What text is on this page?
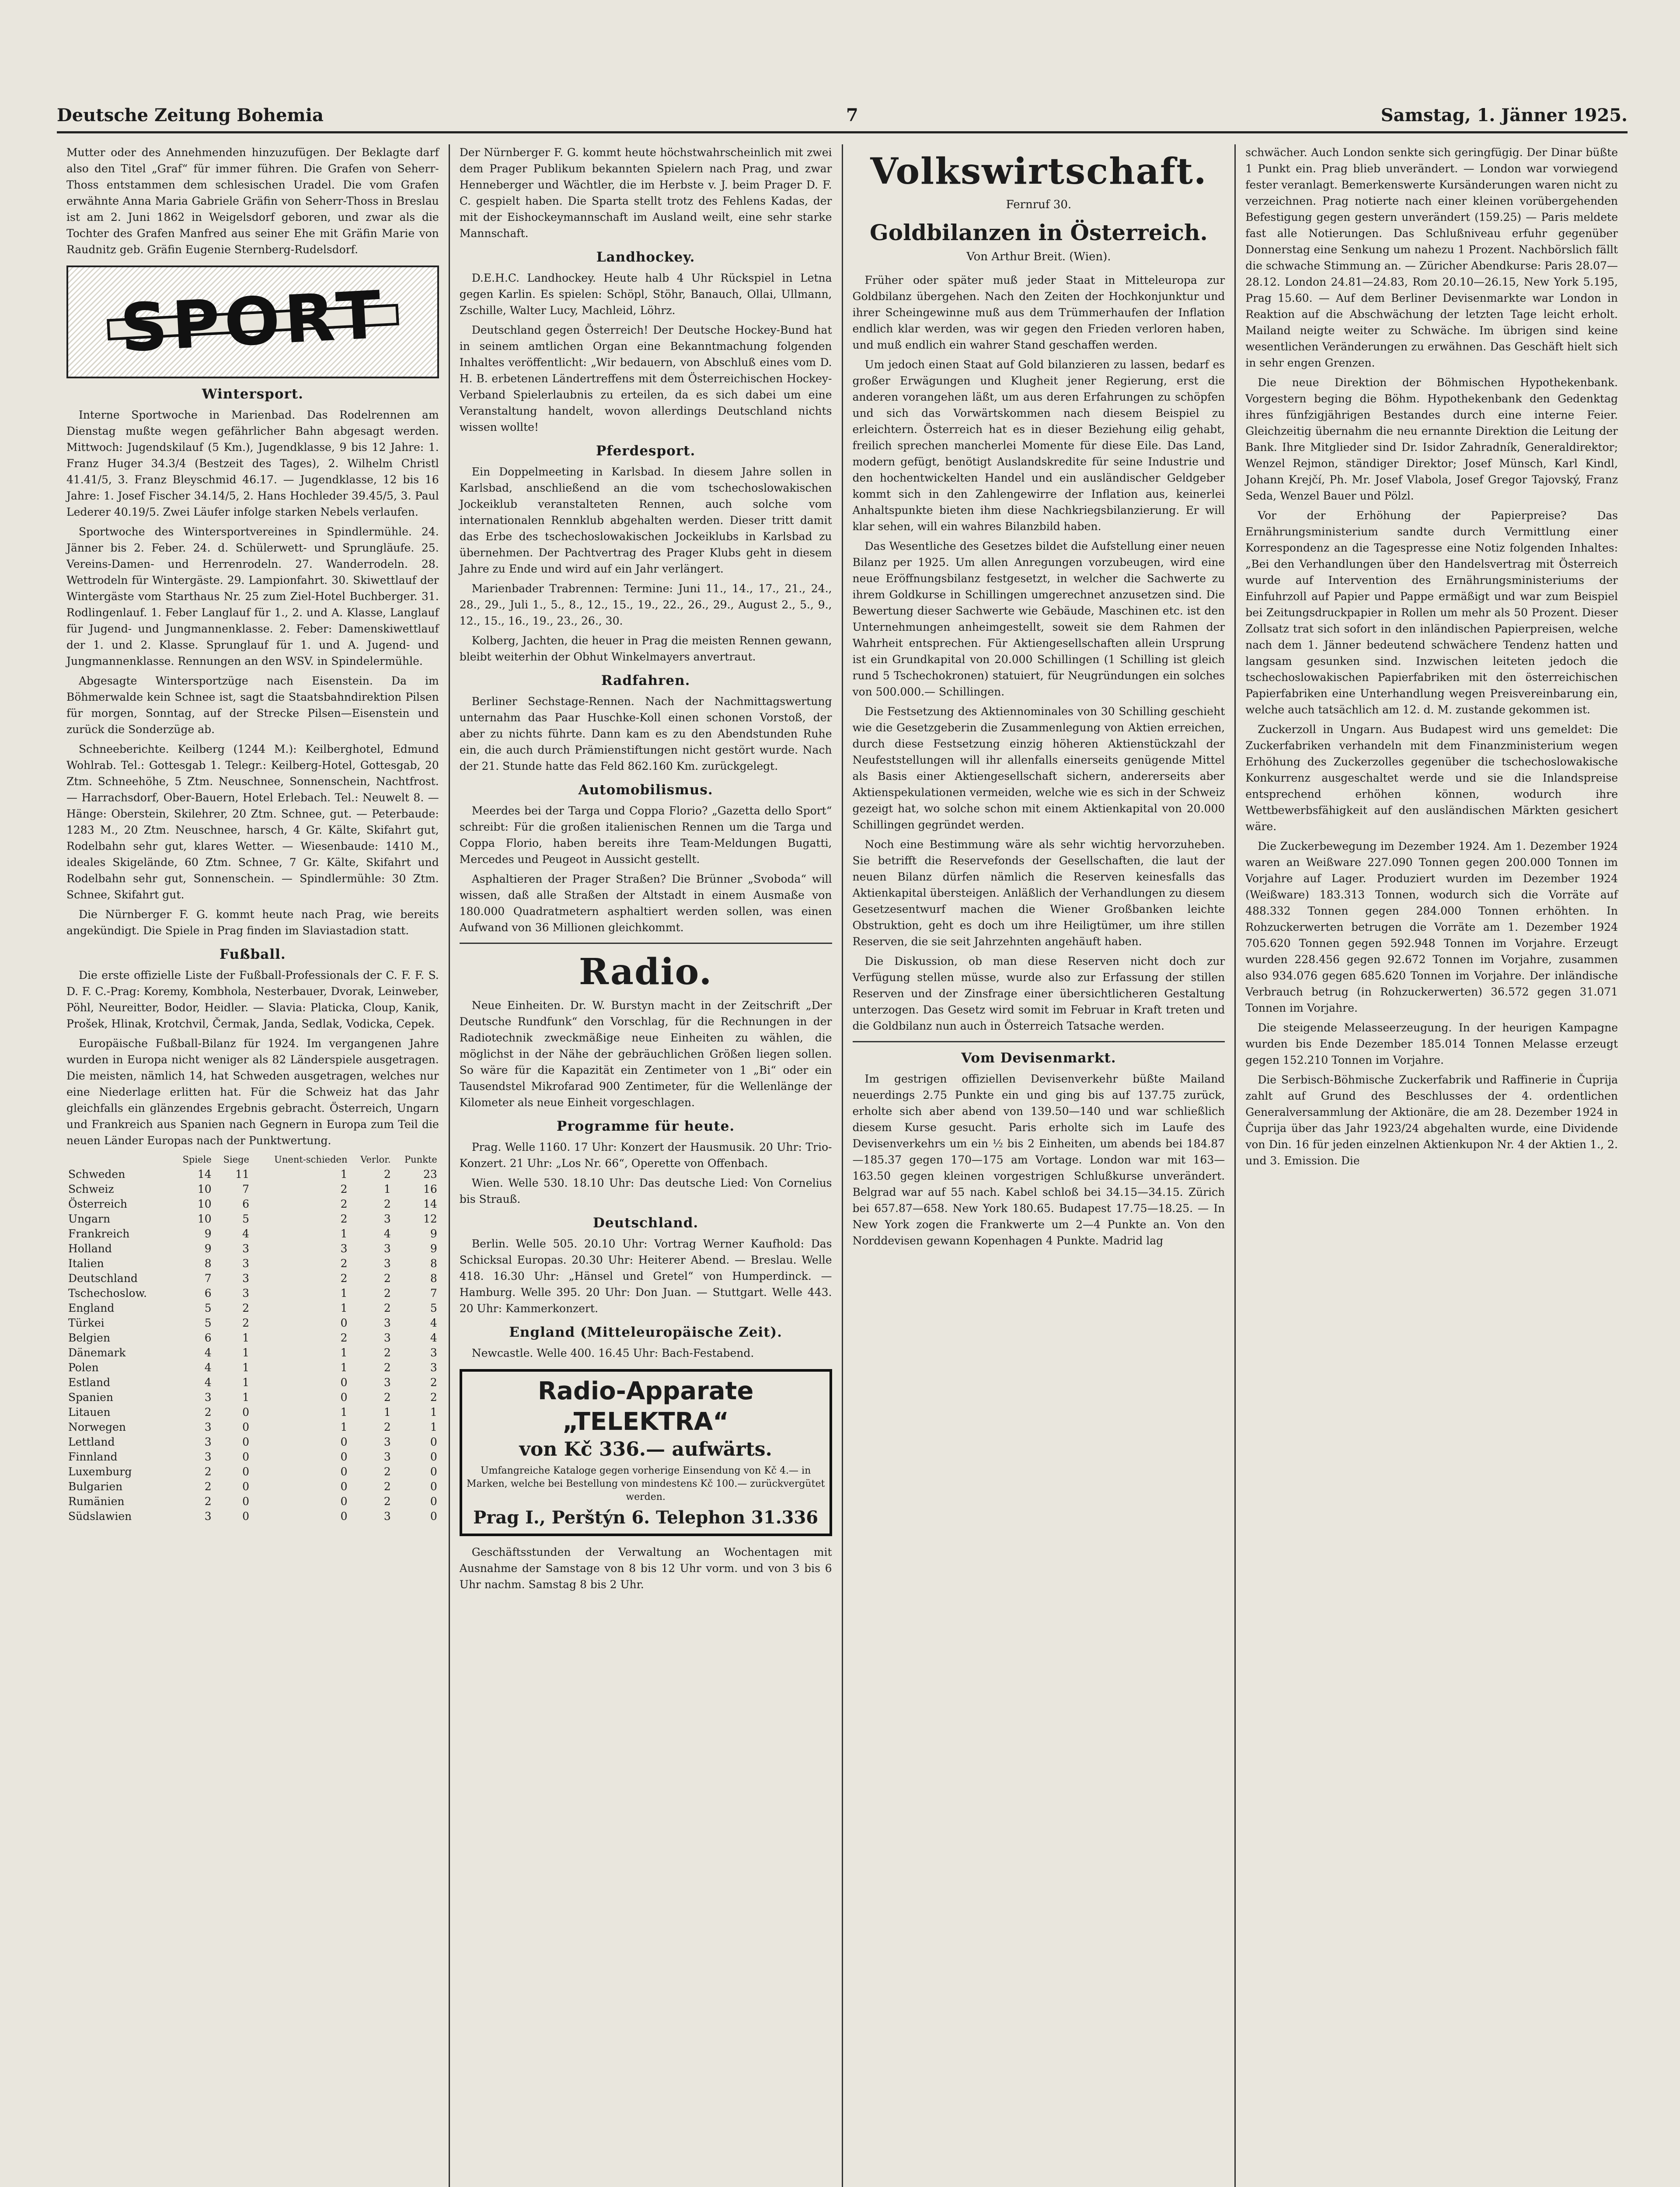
Deutsche Zeitung Bohemia	7	Samstag, 1. Jänner 1925.

Mutter oder des Annehmenden hinzuzufügen. Der Beklagte darf also den Titel „Graf“ für immer führen. Die Grafen von Seherr-Thoss entstammen dem schlesischen Uradel. Die vom Grafen erwähnte Anna Maria Gabriele Gräfin von Seherr-Thoss in Breslau ist am 2. Juni 1862 in Weigelsdorf geboren, und zwar als die Tochter des Grafen Manfred aus seiner Ehe mit Gräfin Marie von Raudnitz geb. Gräfin Eugenie Sternberg-Rudelsdorf.

SPORT
Wintersport.

Interne Sportwoche in Marienbad. Das Rodelrennen am Dienstag mußte wegen gefährlicher Bahn abgesagt werden. Mittwoch: Jugendskilauf (5 Km.), Jugendklasse, 9 bis 12 Jahre: 1. Franz Huger 34.3/4 (Bestzeit des Tages), 2. Wilhelm Christl 41.41/5, 3. Franz Bleyschmid 46.17. — Jugendklasse, 12 bis 16 Jahre: 1. Josef Fischer 34.14/5, 2. Hans Hochleder 39.45/5, 3. Paul Lederer 40.19/5. Zwei Läufer infolge starken Nebels verlaufen.

Sportwoche des Wintersportvereines in Spindlermühle. 24. Jänner bis 2. Feber. 24. d. Schülerwett- und Sprungläufe. 25. Vereins-Damen- und Herrenrodeln. 27. Wanderrodeln. 28. Wettrodeln für Wintergäste. 29. Lampionfahrt. 30. Skiwettlauf der Wintergäste vom Starthaus Nr. 25 zum Ziel-Hotel Buchberger. 31. Rodlingenlauf. 1. Feber Langlauf für 1., 2. und A. Klasse, Langlauf für Jugend- und Jungmannenklasse. 2. Feber: Damenskiwettlauf der 1. und 2. Klasse. Sprunglauf für 1. und A. Jugend- und Jungmannenklasse. Rennungen an den WSV. in Spindelermühle.

Abgesagte Wintersportzüge nach Eisenstein. Da im Böhmerwalde kein Schnee ist, sagt die Staatsbahndirektion Pilsen für morgen, Sonntag, auf der Strecke Pilsen—Eisenstein und zurück die Sonderzüge ab.

Schneeberichte. Keilberg (1244 M.): Keilberghotel, Edmund Wohlrab. Tel.: Gottesgab 1. Telegr.: Keilberg-Hotel, Gottesgab, 20 Ztm. Schneehöhe, 5 Ztm. Neuschnee, Sonnenschein, Nachtfrost. — Harrachsdorf, Ober-Bauern, Hotel Erlebach. Tel.: Neuwelt 8. — Hänge: Oberstein, Skilehrer, 20 Ztm. Schnee, gut. — Peterbaude: 1283 M., 20 Ztm. Neuschnee, harsch, 4 Gr. Kälte, Skifahrt gut, Rodelbahn sehr gut, klares Wetter. — Wiesenbaude: 1410 M., ideales Skigelände, 60 Ztm. Schnee, 7 Gr. Kälte, Skifahrt und Rodelbahn sehr gut, Sonnenschein. — Spindlermühle: 30 Ztm. Schnee, Skifahrt gut.

Die Nürnberger F. G. kommt heute nach Prag, wie bereits angekündigt. Die Spiele in Prag finden im Slaviastadion statt.

Fußball.

Die erste offizielle Liste der Fußball-Professionals der C. F. F. S. D. F. C.-Prag: Koremy, Kombhola, Nesterbauer, Dvorak, Leinweber, Pöhl, Neureitter, Bodor, Heidler. — Slavia: Platicka, Cloup, Kanik, Prošek, Hlinak, Krotchvil, Čermak, Janda, Sedlak, Vodicka, Cepek.

Europäische Fußball-Bilanz für 1924. Im vergangenen Jahre wurden in Europa nicht weniger als 82 Länderspiele ausgetragen. Die meisten, nämlich 14, hat Schweden ausgetragen, welches nur eine Niederlage erlitten hat. Für die Schweiz hat das Jahr gleichfalls ein glänzendes Ergebnis gebracht. Österreich, Ungarn und Frankreich aus Spanien nach Gegnern in Europa zum Teil die neuen Länder Europas nach der Punktwertung.

	Spiele	Siege	Unent-schieden	Verlor.	Punkte
Schweden	14	11	1	2	23
Schweiz	10	7	2	1	16
Österreich	10	6	2	2	14
Ungarn	10	5	2	3	12
Frankreich	9	4	1	4	9
Holland	9	3	3	3	9
Italien	8	3	2	3	8
Deutschland	7	3	2	2	8
Tschechoslow.	6	3	1	2	7
England	5	2	1	2	5
Türkei	5	2	0	3	4
Belgien	6	1	2	3	4
Dänemark	4	1	1	2	3
Polen	4	1	1	2	3
Estland	4	1	0	3	2
Spanien	3	1	0	2	2
Litauen	2	0	1	1	1
Norwegen	3	0	1	2	1
Lettland	3	0	0	3	0
Finnland	3	0	0	3	0
Luxemburg	2	0	0	2	0
Bulgarien	2	0	0	2	0
Rumänien	2	0	0	2	0
Südslawien	3	0	0	3	0

Der Nürnberger F. G. kommt heute höchstwahrscheinlich mit zwei dem Prager Publikum bekannten Spielern nach Prag, und zwar Henneberger und Wächtler, die im Herbste v. J. beim Prager D. F. C. gespielt haben. Die Sparta stellt trotz des Fehlens Kadas, der mit der Eishockeymannschaft im Ausland weilt, eine sehr starke Mannschaft.

Landhockey.

D.E.H.C. Landhockey. Heute halb 4 Uhr Rückspiel in Letna gegen Karlin. Es spielen: Schöpl, Stöhr, Banauch, Ollai, Ullmann, Zschille, Walter Lucy, Machleid, Löhrz.

Deutschland gegen Österreich! Der Deutsche Hockey-Bund hat in seinem amtlichen Organ eine Bekanntmachung folgenden Inhaltes veröffentlicht: „Wir bedauern, von Abschluß eines vom D. H. B. erbetenen Ländertreffens mit dem Österreichischen Hockey-Verband Spielerlaubnis zu erteilen, da es sich dabei um eine Veranstaltung handelt, wovon allerdings Deutschland nichts wissen wollte!

Pferdesport.

Ein Doppelmeeting in Karlsbad. In diesem Jahre sollen in Karlsbad, anschließend an die vom tschechoslowakischen Jockeiklub veranstalteten Rennen, auch solche vom internationalen Rennklub abgehalten werden. Dieser tritt damit das Erbe des tschechoslowakischen Jockeiklubs in Karlsbad zu übernehmen. Der Pachtvertrag des Prager Klubs geht in diesem Jahre zu Ende und wird auf ein Jahr verlängert.

Marienbader Trabrennen: Termine: Juni 11., 14., 17., 21., 24., 28., 29., Juli 1., 5., 8., 12., 15., 19., 22., 26., 29., August 2., 5., 9., 12., 15., 16., 19., 23., 26., 30.

Kolberg, Jachten, die heuer in Prag die meisten Rennen gewann, bleibt weiterhin der Obhut Winkelmayers anvertraut.

Radfahren.

Berliner Sechstage-Rennen. Nach der Nachmittagswertung unternahm das Paar Huschke-Koll einen schonen Vorstoß, der aber zu nichts führte. Dann kam es zu den Abendstunden Ruhe ein, die auch durch Prämienstiftungen nicht gestört wurde. Nach der 21. Stunde hatte das Feld 862.160 Km. zurückgelegt.

Automobilismus.

Meerdes bei der Targa und Coppa Florio? „Gazetta dello Sport“ schreibt: Für die großen italienischen Rennen um die Targa und Coppa Florio, haben bereits ihre Team-Meldungen Bugatti, Mercedes und Peugeot in Aussicht gestellt.

Asphaltieren der Prager Straßen? Die Brünner „Svoboda“ will wissen, daß alle Straßen der Altstadt in einem Ausmaße von 180.000 Quadratmetern asphaltiert werden sollen, was einen Aufwand von 36 Millionen gleichkommt.

Radio.

Neue Einheiten. Dr. W. Burstyn macht in der Zeitschrift „Der Deutsche Rundfunk“ den Vorschlag, für die Rechnungen in der Radiotechnik zweckmäßige neue Einheiten zu wählen, die möglichst in der Nähe der gebräuchlichen Größen liegen sollen. So wäre für die Kapazität ein Zentimeter von 1 „Bi“ oder ein Tausendstel Mikrofarad 900 Zentimeter, für die Wellenlänge der Kilometer als neue Einheit vorgeschlagen.

Programme für heute.

Prag. Welle 1160. 17 Uhr: Konzert der Hausmusik. 20 Uhr: Trio-Konzert. 21 Uhr: „Los Nr. 66“, Operette von Offenbach.

Wien. Welle 530. 18.10 Uhr: Das deutsche Lied: Von Cornelius bis Strauß.

Deutschland.

Berlin. Welle 505. 20.10 Uhr: Vortrag Werner Kaufhold: Das Schicksal Europas. 20.30 Uhr: Heiterer Abend. — Breslau. Welle 418. 16.30 Uhr: „Hänsel und Gretel“ von Humperdinck. — Hamburg. Welle 395. 20 Uhr: Don Juan. — Stuttgart. Welle 443. 20 Uhr: Kammerkonzert.

England (Mitteleuropäische Zeit).

Newcastle. Welle 400. 16.45 Uhr: Bach-Festabend.

Radio-Apparate „TELEKTRA“
von Kč 336.— aufwärts.
Umfangreiche Kataloge gegen vorherige Einsendung von Kč 4.— in Marken, welche bei Bestellung von mindestens Kč 100.— zurückvergütet werden.
Prag I., Perštýn 6. Telephon 31.336

Geschäftsstunden der Verwaltung an Wochentagen mit Ausnahme der Samstage von 8 bis 12 Uhr vorm. und von 3 bis 6 Uhr nachm. Samstag 8 bis 2 Uhr.

Volkswirtschaft.
Fernruf 30.
Goldbilanzen in Österreich.
Von Arthur Breit. (Wien).

Früher oder später muß jeder Staat in Mitteleuropa zur Goldbilanz übergehen. Nach den Zeiten der Hochkonjunktur und ihrer Scheingewinne muß aus dem Trümmerhaufen der Inflation endlich klar werden, was wir gegen den Frieden verloren haben, und muß endlich ein wahrer Stand geschaffen werden.

Um jedoch einen Staat auf Gold bilanzieren zu lassen, bedarf es großer Erwägungen und Klugheit jener Regierung, erst die anderen vorangehen läßt, um aus deren Erfahrungen zu schöpfen und sich das Vorwärtskommen nach diesem Beispiel zu erleichtern. Österreich hat es in dieser Beziehung eilig gehabt, freilich sprechen mancherlei Momente für diese Eile. Das Land, modern gefügt, benötigt Auslandskredite für seine Industrie und den hochentwickelten Handel und ein ausländischer Geldgeber kommt sich in den Zahlengewirre der Inflation aus, keinerlei Anhaltspunkte bieten ihm diese Nachkriegsbilanzierung. Er will klar sehen, will ein wahres Bilanzbild haben.

Das Wesentliche des Gesetzes bildet die Aufstellung einer neuen Bilanz per 1925. Um allen Anregungen vorzubeugen, wird eine neue Eröffnungsbilanz festgesetzt, in welcher die Sachwerte zu ihrem Goldkurse in Schillingen umgerechnet anzusetzen sind. Die Bewertung dieser Sachwerte wie Gebäude, Maschinen etc. ist den Unternehmungen anheimgestellt, soweit sie dem Rahmen der Wahrheit entsprechen. Für Aktiengesellschaften allein Ursprung ist ein Grundkapital von 20.000 Schillingen (1 Schilling ist gleich rund 5 Tschechokronen) statuiert, für Neugründungen ein solches von 500.000.— Schillingen.

Die Festsetzung des Aktiennominales von 30 Schilling geschieht wie die Gesetzgeberin die Zusammenlegung von Aktien erreichen, durch diese Festsetzung einzig höheren Aktienstückzahl der Neufeststellungen will ihr allenfalls einerseits genügende Mittel als Basis einer Aktiengesellschaft sichern, andererseits aber Aktienspekulationen vermeiden, welche wie es sich in der Schweiz gezeigt hat, wo solche schon mit einem Aktienkapital von 20.000 Schillingen gegründet werden.

Noch eine Bestimmung wäre als sehr wichtig hervorzuheben. Sie betrifft die Reservefonds der Gesellschaften, die laut der neuen Bilanz dürfen nämlich die Reserven keinesfalls das Aktienkapital übersteigen. Anläßlich der Verhandlungen zu diesem Gesetzesentwurf machen die Wiener Großbanken leichte Obstruktion, geht es doch um ihre Heiligtümer, um ihre stillen Reserven, die sie seit Jahrzehnten angehäuft haben.

Die Diskussion, ob man diese Reserven nicht doch zur Verfügung stellen müsse, wurde also zur Erfassung der stillen Reserven und der Zinsfrage einer übersichtlicheren Gestaltung unterzogen. Das Gesetz wird somit im Februar in Kraft treten und die Goldbilanz nun auch in Österreich Tatsache werden.

Vom Devisenmarkt.

Im gestrigen offiziellen Devisenverkehr büßte Mailand neuerdings 2.75 Punkte ein und ging bis auf 137.75 zurück, erholte sich aber abend von 139.50—140 und war schließlich diesem Kurse gesucht. Paris erholte sich im Laufe des Devisenverkehrs um ein ½ bis 2 Einheiten, um abends bei 184.87—185.37 gegen 170—175 am Vortage. London war mit 163—163.50 gegen kleinen vorgestrigen Schlußkurse unverändert. Belgrad war auf 55 nach. Kabel schloß bei 34.15—34.15. Zürich bei 657.87—658. New York 180.65. Budapest 17.75—18.25. — In New York zogen die Frankwerte um 2—4 Punkte an. Von den Norddevisen gewann Kopenhagen 4 Punkte. Madrid lag

schwächer. Auch London senkte sich geringfügig. Der Dinar büßte 1 Punkt ein. Prag blieb unverändert. — London war vorwiegend fester veranlagt. Bemerkenswerte Kursänderungen waren nicht zu verzeichnen. Prag notierte nach einer kleinen vorübergehenden Befestigung gegen gestern unverändert (159.25) — Paris meldete fast alle Notierungen. Das Schlußniveau erfuhr gegenüber Donnerstag eine Senkung um nahezu 1 Prozent. Nachbörslich fällt die schwache Stimmung an. — Züricher Abendkurse: Paris 28.07—28.12. London 24.81—24.83, Rom 20.10—26.15, New York 5.195, Prag 15.60. — Auf dem Berliner Devisenmarkte war London in Reaktion auf die Abschwächung der letzten Tage leicht erholt. Mailand neigte weiter zu Schwäche. Im übrigen sind keine wesentlichen Veränderungen zu erwähnen. Das Geschäft hielt sich in sehr engen Grenzen.

Die neue Direktion der Böhmischen Hypothekenbank. Vorgestern beging die Böhm. Hypothekenbank den Gedenktag ihres fünfzigjährigen Bestandes durch eine interne Feier. Gleichzeitig übernahm die neu ernannte Direktion die Leitung der Bank. Ihre Mitglieder sind Dr. Isidor Zahradník, Generaldirektor; Wenzel Rejmon, ständiger Direktor; Josef Münsch, Karl Kindl, Johann Krejčí, Ph. Mr. Josef Vlabola, Josef Gregor Tajovský, Franz Seda, Wenzel Bauer und Pölzl.

Vor der Erhöhung der Papierpreise? Das Ernährungsministerium sandte durch Vermittlung einer Korrespondenz an die Tagespresse eine Notiz folgenden Inhaltes: „Bei den Verhandlungen über den Handelsvertrag mit Österreich wurde auf Intervention des Ernährungsministeriums der Einfuhrzoll auf Papier und Pappe ermäßigt und war zum Beispiel bei Zeitungsdruckpapier in Rollen um mehr als 50 Prozent. Dieser Zollsatz trat sich sofort in den inländischen Papierpreisen, welche nach dem 1. Jänner bedeutend schwächere Tendenz hatten und langsam gesunken sind. Inzwischen leiteten jedoch die tschechoslowakischen Papierfabriken mit den österreichischen Papierfabriken eine Unterhandlung wegen Preisvereinbarung ein, welche auch tatsächlich am 12. d. M. zustande gekommen ist.

Zuckerzoll in Ungarn. Aus Budapest wird uns gemeldet: Die Zuckerfabriken verhandeln mit dem Finanzministerium wegen Erhöhung des Zuckerzolles gegenüber die tschechoslowakische Konkurrenz ausgeschaltet werde und sie die Inlandspreise entsprechend erhöhen können, wodurch ihre Wettbewerbsfähigkeit auf den ausländischen Märkten gesichert wäre.

Die Zuckerbewegung im Dezember 1924. Am 1. Dezember 1924 waren an Weißware 227.090 Tonnen gegen 200.000 Tonnen im Vorjahre auf Lager. Produziert wurden im Dezember 1924 (Weißware) 183.313 Tonnen, wodurch sich die Vorräte auf 488.332 Tonnen gegen 284.000 Tonnen erhöhten. In Rohzuckerwerten betrugen die Vorräte am 1. Dezember 1924 705.620 Tonnen gegen 592.948 Tonnen im Vorjahre. Erzeugt wurden 228.456 gegen 92.672 Tonnen im Vorjahre, zusammen also 934.076 gegen 685.620 Tonnen im Vorjahre. Der inländische Verbrauch betrug (in Rohzuckerwerten) 36.572 gegen 31.071 Tonnen im Vorjahre.

Die steigende Melasseerzeugung. In der heurigen Kampagne wurden bis Ende Dezember 185.014 Tonnen Melasse erzeugt gegen 152.210 Tonnen im Vorjahre.

Die Serbisch-Böhmische Zuckerfabrik und Raffinerie in Čuprija zahlt auf Grund des Beschlusses der 4. ordentlichen Generalversammlung der Aktionäre, die am 28. Dezember 1924 in Čuprija über das Jahr 1923/24 abgehalten wurde, eine Dividende von Din. 16 für jeden einzelnen Aktienkupon Nr. 4 der Aktien 1., 2. und 3. Emission. Die
